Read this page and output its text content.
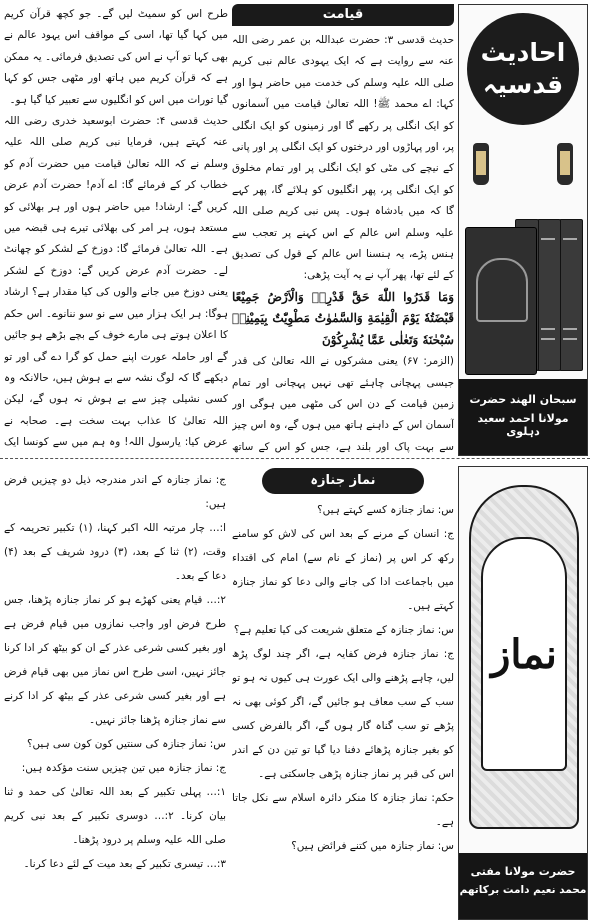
طرح اس کو سمیٹ لیں گے۔ جو کچھ قرآن کریم میں کہا گیا تھا، اسی کے مواقف اس یہود عالم نے بھی کہا تو آپ نے اس کی تصدیق فرمائی۔ یہ ممکن ہے کہ قرآن کریم میں ہاتھ اور مٹھی جس کو کہا گیا تورات میں اس کو انگلیوں سے تعبیر کیا گیا ہو۔

حدیث قدسی ۴: حضرت ابوسعید خدری رضی اللہ عنہ کہتے ہیں، فرمایا نبی کریم صلی اللہ علیہ وسلم نے کہ اللہ تعالیٰ قیامت میں حضرت آدم کو خطاب کر کے فرمائے گا: اے آدم! حضرت آدم عرض کریں گے: ارشاد! میں حاضر ہوں اور ہر بھلائی کو مستعد ہوں، ہر امر کی بھلائی تیرے ہی قبضہ میں ہے۔ اللہ تعالیٰ فرمائے گا: دوزخ کے لشکر کو چھانٹ لے۔ حضرت آدم عرض کریں گے: دوزخ کے لشکر یعنی دوزخ میں جانے والوں کی کیا مقدار ہے؟ ارشاد ہوگا: ہر ایک ہزار میں سے نو سو ننانوے۔ اس حکم کا اعلان ہوتے ہی مارے خوف کے بچے بڑھے ہو جائیں گے اور حاملہ عورت اپنے حمل کو گرا دے گی اور تو دیکھے گا کہ لوگ نشہ سے بے ہوش ہیں، حالانکہ وہ کسی نشیلی چیز سے بے ہوش نہ ہوں گے، لیکن اللہ تعالیٰ کا عذاب بہت سخت ہے۔ صحابہ نے عرض کیا: یارسول اللہ! وہ ہم میں سے کونسا ایک

قیامت

حدیث قدسی ۳: حضرت عبداللہ بن عمر رضی اللہ عنہ سے روایت ہے کہ ایک یہودی عالم نبی کریم صلی اللہ علیہ وسلم کی خدمت میں حاضر ہوا اور کہا: اے محمد ﷺ! اللہ تعالیٰ قیامت میں آسمانوں کو ایک انگلی پر رکھے گا اور زمینوں کو ایک انگلی پر، اور پہاڑوں اور درختوں کو ایک انگلی پر اور پانی کے نیچے کی مٹی کو ایک انگلی پر اور تمام مخلوق کو ایک انگلی پر، پھر انگلیوں کو ہلائے گا، پھر کہے گا کہ میں بادشاہ ہوں۔ پس نبی کریم صلی اللہ علیہ وسلم اس عالم کے اس کہنے پر تعجب سے ہنس پڑے، یہ ہنسنا اس عالم کے قول کی تصدیق کے لئے تھا، پھر آپ نے یہ آیت پڑھی:

وَمَا قَدَرُوا اللّٰهَ حَقَّ قَدْرِهٖ وَالْاَرْضُ جَمِيْعًا قَبْضَتُهٗ يَوْمَ الْقِيٰمَةِ وَالسَّمٰوٰتُ مَطْوِيّٰتٌ بِيَمِيْنِهٖ سُبْحٰنَهٗ وَتَعٰلٰى عَمَّا يُشْرِكُوْنَ

(الزمر: ۶۷) یعنی مشرکوں نے اللہ تعالیٰ کی قدر جیسی پہچانی چاہئے تھی نہیں پہچانی اور تمام زمین قیامت کے دن اس کی مٹھی میں ہوگی اور آسمان اس کے داہنے ہاتھ میں ہوں گے، وہ اس چیز سے بہت پاک اور بلند ہے، جس کو اس کے ساتھ

احادیث
قدسیہ
سبحان الھند حضرت
مولانا احمد سعید دہلوی

ج: نماز جنازہ کے اندر مندرجہ ذیل دو چیزیں فرض ہیں:

ا:… چار مرتبہ اللہ اکبر کہنا، (۱) تکبیر تحریمہ کے وقت، (۲) ثنا کے بعد، (۳) درود شریف کے بعد (۴) دعا کے بعد۔

۲:… قیام یعنی کھڑے ہو کر نماز جنازہ پڑھنا، جس طرح فرض اور واجب نمازوں میں قیام فرض ہے اور بغیر کسی شرعی عذر کے ان کو بیٹھ کر ادا کرنا جائز نہیں، اسی طرح اس نماز میں بھی قیام فرض ہے اور بغیر کسی شرعی عذر کے بیٹھ کر ادا کرنے سے نماز جنازہ پڑھنا جائز نہیں۔

س: نماز جنازہ کی سنتیں کون کون سی ہیں؟

ج: نماز جنازہ میں تین چیزیں سنت مؤکدہ ہیں:

۱:… پہلی تکبیر کے بعد اللہ تعالیٰ کی حمد و ثنا بیان کرنا۔ ۲:… دوسری تکبیر کے بعد نبی کریم صلی اللہ علیہ وسلم پر درود پڑھنا۔

۳:… تیسری تکبیر کے بعد میت کے لئے دعا کرنا۔

نماز جنازہ

س: نماز جنازہ کسے کہتے ہیں؟

ج: انسان کے مرنے کے بعد اس کی لاش کو سامنے رکھ کر اس پر (نماز کے نام سے) امام کی اقتداء میں باجماعت ادا کی جانے والی دعا کو نماز جنازہ کہتے ہیں۔

س: نماز جنازہ کے متعلق شریعت کی کیا تعلیم ہے؟

ج: نماز جنازہ فرض کفایہ ہے، اگر چند لوگ پڑھ لیں، چاہے پڑھنے والی ایک عورت ہی کیوں نہ ہو تو سب کے سب معاف ہو جائیں گے، اگر کوئی بھی نہ پڑھے تو سب گناہ گار ہوں گے، اگر بالفرض کسی کو بغیر جنازہ پڑھائے دفنا دیا گیا تو تین دن کے اندر اس کی قبر پر نماز جنازہ پڑھی جاسکتی ہے۔

حکم: نماز جنازہ کا منکر دائرہ اسلام سے نکل جاتا ہے۔

س: نماز جنازہ میں کتنے فرائض ہیں؟

نماز
حضرت مولانا مفتی
محمد نعیم دامت برکاتھم
